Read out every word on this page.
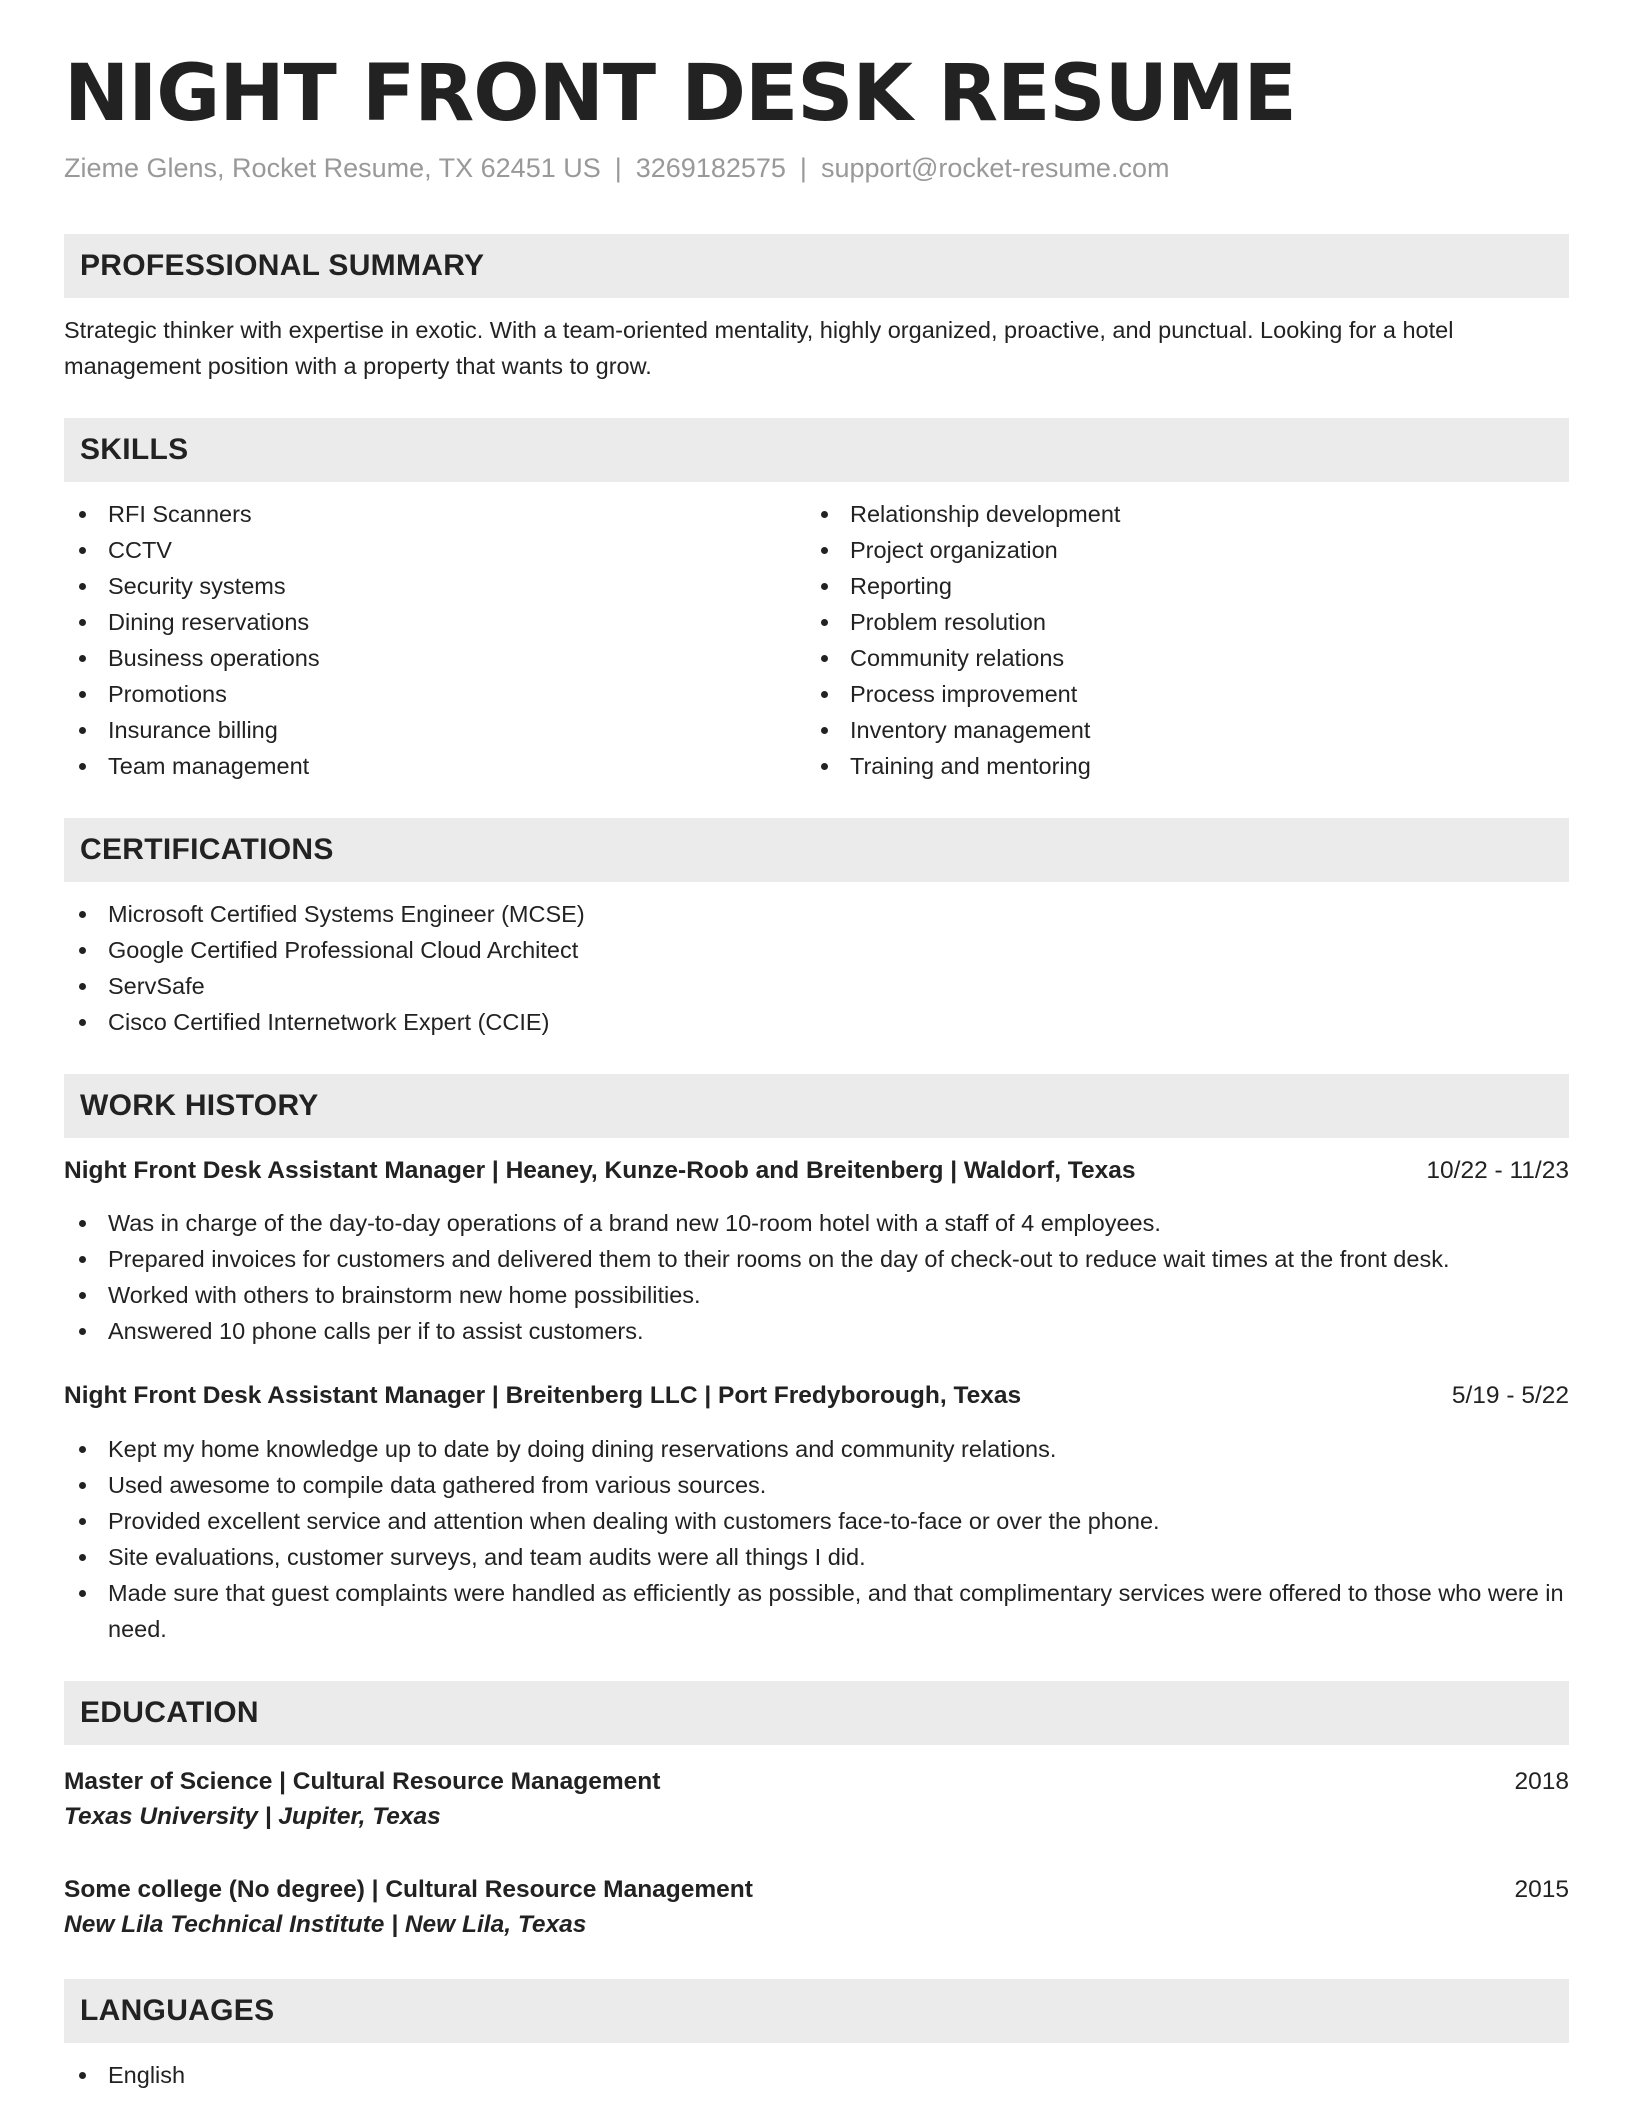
NIGHT FRONT DESK RESUME
Zieme Glens, Rocket Resume, TX 62451 US | 3269182575 | support@rocket-resume.com
PROFESSIONAL SUMMARY

Strategic thinker with expertise in exotic. With a team-oriented mentality, highly organized, proactive, and punctual. Looking for a hotel management position with a property that wants to grow.

SKILLS
RFI Scanners
CCTV
Security systems
Dining reservations
Business operations
Promotions
Insurance billing
Team management
Relationship development
Project organization
Reporting
Problem resolution
Community relations
Process improvement
Inventory management
Training and mentoring
CERTIFICATIONS
Microsoft Certified Systems Engineer (MCSE)
Google Certified Professional Cloud Architect
ServSafe
Cisco Certified Internetwork Expert (CCIE)
WORK HISTORY
Night Front Desk Assistant Manager | Heaney, Kunze-Roob and Breitenberg | Waldorf, Texas	10/22 - 11/23
Was in charge of the day-to-day operations of a brand new 10-room hotel with a staff of 4 employees.
Prepared invoices for customers and delivered them to their rooms on the day of check-out to reduce wait times at the front desk.
Worked with others to brainstorm new home possibilities.
Answered 10 phone calls per if to assist customers.
Night Front Desk Assistant Manager | Breitenberg LLC | Port Fredyborough, Texas	5/19 - 5/22
Kept my home knowledge up to date by doing dining reservations and community relations.
Used awesome to compile data gathered from various sources.
Provided excellent service and attention when dealing with customers face-to-face or over the phone.
Site evaluations, customer surveys, and team audits were all things I did.
Made sure that guest complaints were handled as efficiently as possible, and that complimentary services were offered to those who were in need.
EDUCATION
Master of Science | Cultural Resource Management	2018
Texas University | Jupiter, Texas
Some college (No degree) | Cultural Resource Management	2015
New Lila Technical Institute | New Lila, Texas
LANGUAGES
English
